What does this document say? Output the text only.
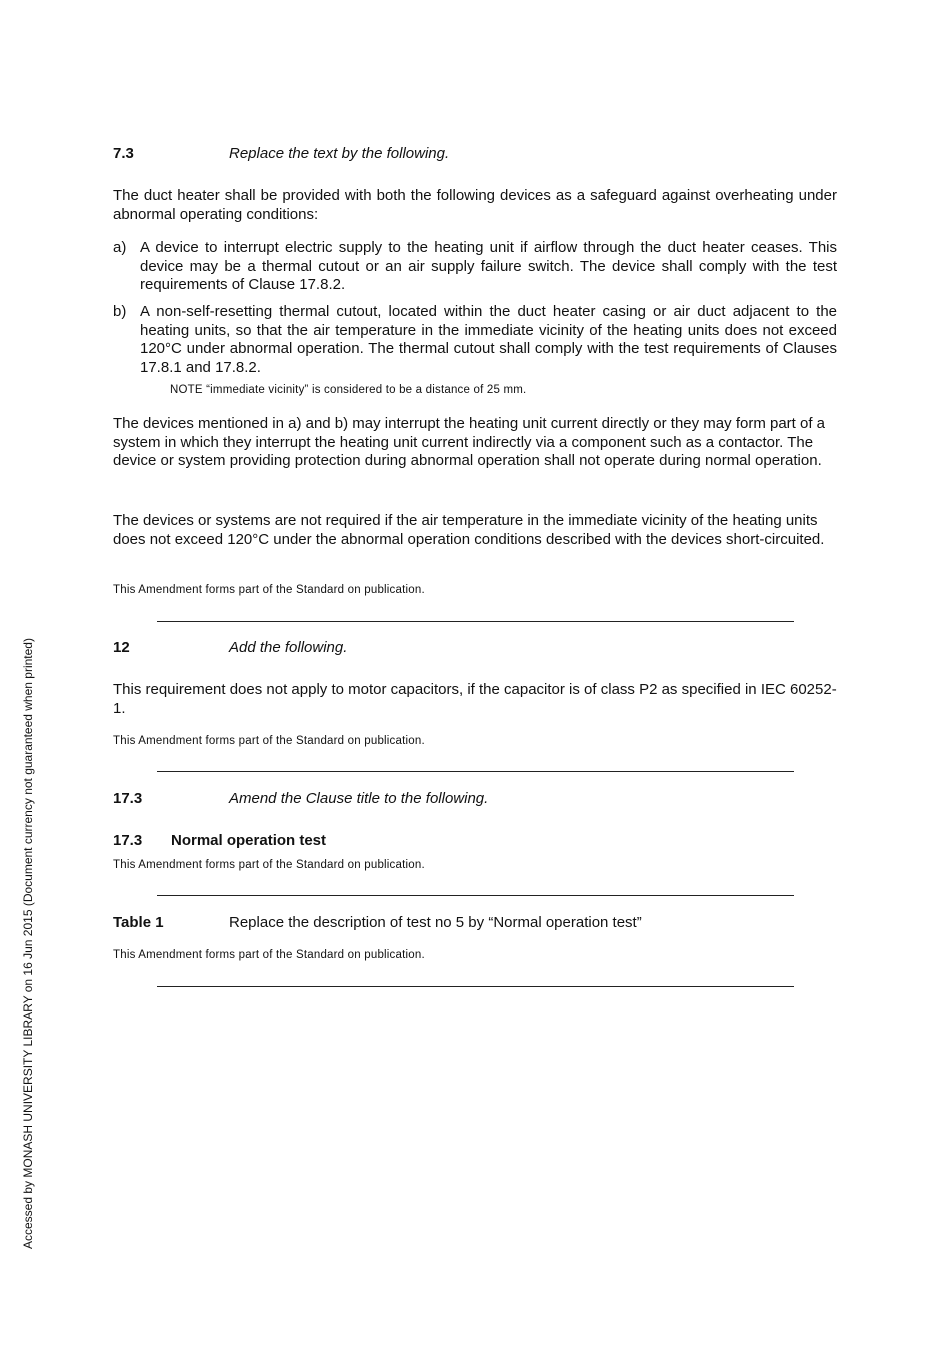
7.3	Replace the text by the following.
The duct heater shall be provided with both the following devices as a safeguard against overheating under abnormal operating conditions:
a) A device to interrupt electric supply to the heating unit if airflow through the duct heater ceases. This device may be a thermal cutout or an air supply failure switch. The device shall comply with the test requirements of Clause 17.8.2.
b) A non-self-resetting thermal cutout, located within the duct heater casing or air duct adjacent to the heating units, so that the air temperature in the immediate vicinity of the heating units does not exceed 120°C under abnormal operation. The thermal cutout shall comply with the test requirements of Clauses 17.8.1 and 17.8.2.
NOTE “immediate vicinity” is considered to be a distance of 25 mm.
The devices mentioned in a) and b) may interrupt the heating unit current directly or they may form part of a system in which they interrupt the heating unit current indirectly via a component such as a contactor. The device or system providing protection during abnormal operation shall not operate during normal operation.
The devices or systems are not required if the air temperature in the immediate vicinity of the heating units does not exceed 120°C under the abnormal operation conditions described with the devices short-circuited.
This Amendment forms part of the Standard on publication.
12	Add the following.
This requirement does not apply to motor capacitors, if the capacitor is of class P2 as specified in IEC 60252-1.
This Amendment forms part of the Standard on publication.
17.3	Amend the Clause title to the following.
17.3 Normal operation test
This Amendment forms part of the Standard on publication.
Table 1	Replace the description of test no 5 by “Normal operation test”
This Amendment forms part of the Standard on publication.
Accessed by MONASH UNIVERSITY LIBRARY on 16 Jun 2015 (Document currency not guaranteed when printed)
